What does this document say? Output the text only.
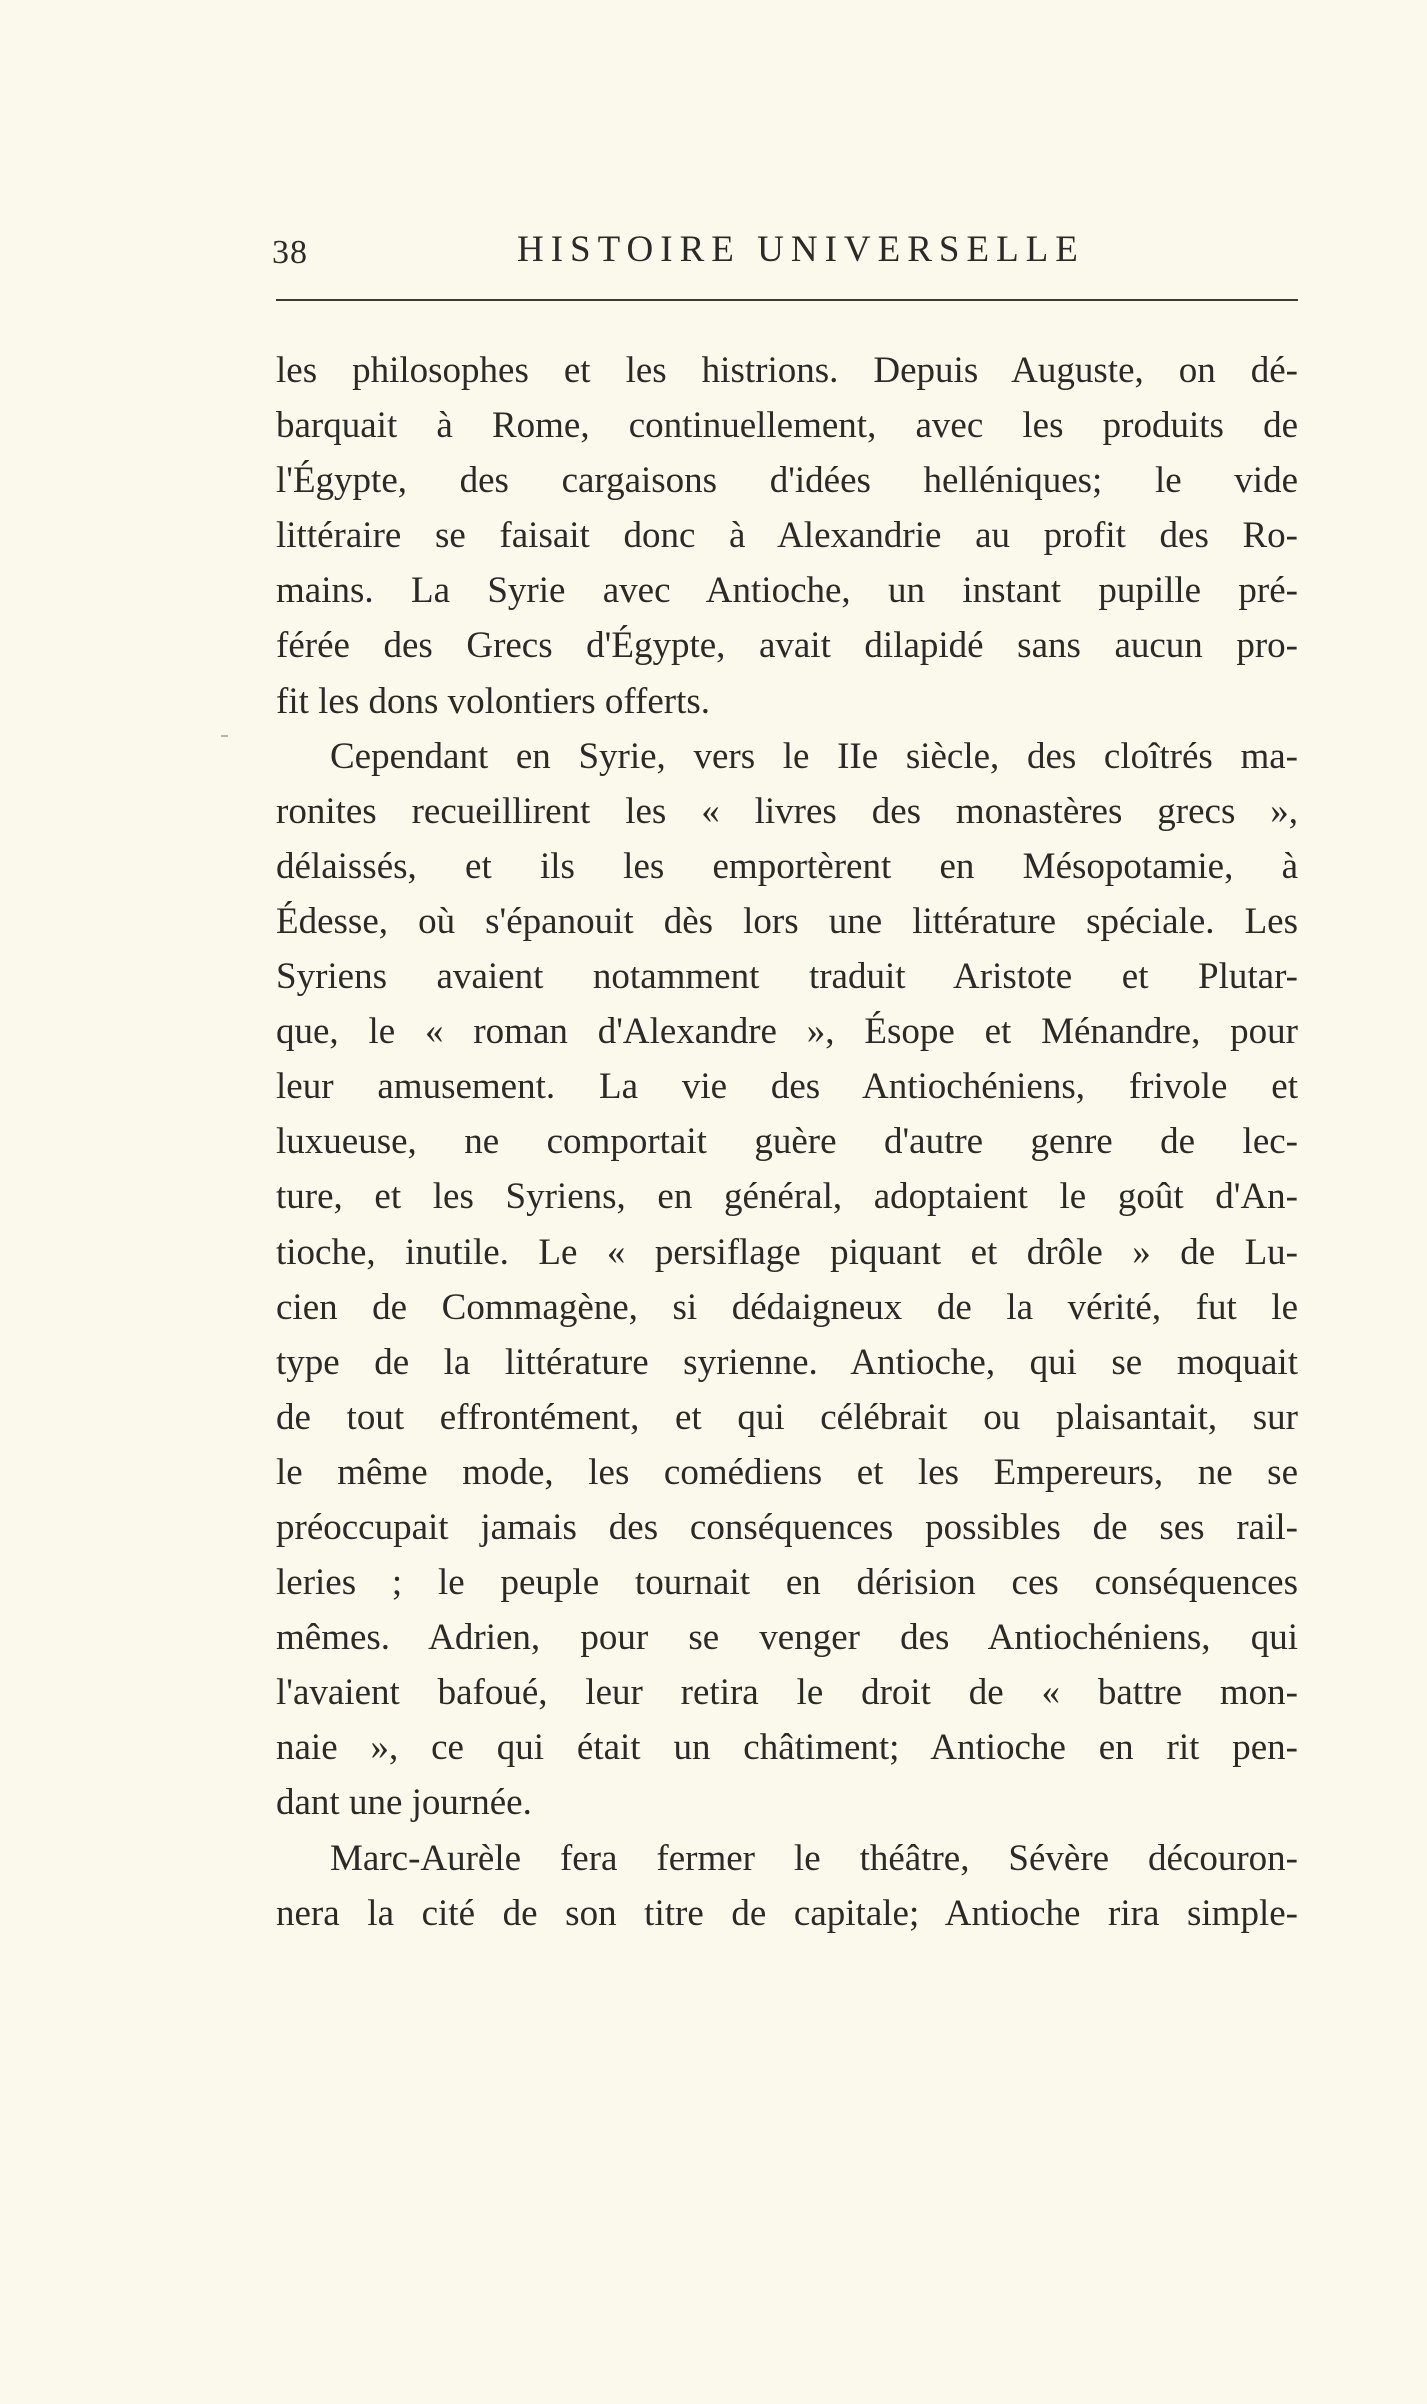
38	HISTOIRE UNIVERSELLE
les philosophes et les histrions. Depuis Auguste, on dé-
barquait à Rome, continuellement, avec les produits de
l'Égypte, des cargaisons d'idées helléniques; le vide
littéraire se faisait donc à Alexandrie au profit des Ro-
mains. La Syrie avec Antioche, un instant pupille pré-
férée des Grecs d'Égypte, avait dilapidé sans aucun pro-
fit les dons volontiers offerts.
Cependant en Syrie, vers le IIe siècle, des cloîtrés ma-
ronites recueillirent les « livres des monastères grecs »,
délaissés, et ils les emportèrent en Mésopotamie, à
Édesse, où s'épanouit dès lors une littérature spéciale. Les
Syriens avaient notamment traduit Aristote et Plutar-
que, le « roman d'Alexandre », Ésope et Ménandre, pour
leur amusement. La vie des Antiochéniens, frivole et
luxueuse, ne comportait guère d'autre genre de lec-
ture, et les Syriens, en général, adoptaient le goût d'An-
tioche, inutile. Le « persiflage piquant et drôle » de Lu-
cien de Commagène, si dédaigneux de la vérité, fut le
type de la littérature syrienne. Antioche, qui se moquait
de tout effrontément, et qui célébrait ou plaisantait, sur
le même mode, les comédiens et les Empereurs, ne se
préoccupait jamais des conséquences possibles de ses rail-
leries ; le peuple tournait en dérision ces conséquences
mêmes. Adrien, pour se venger des Antiochéniens, qui
l'avaient bafoué, leur retira le droit de « battre mon-
naie », ce qui était un châtiment; Antioche en rit pen-
dant une journée.
Marc-Aurèle fera fermer le théâtre, Sévère découron-
nera la cité de son titre de capitale; Antioche rira simple-
